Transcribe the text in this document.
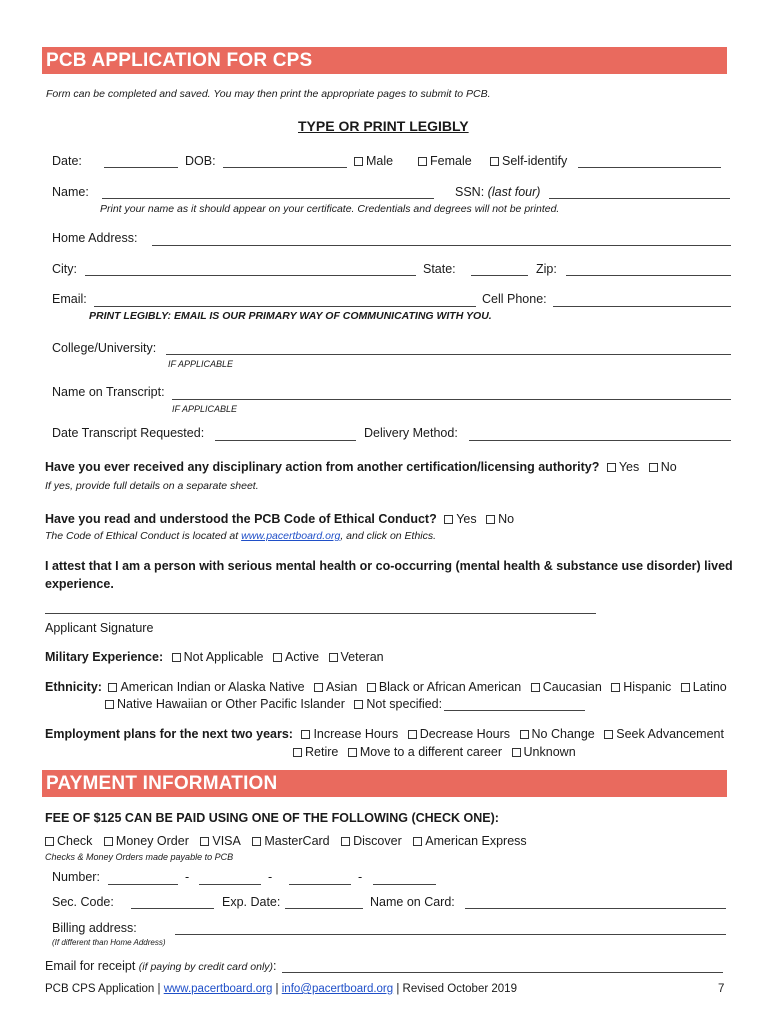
PCB APPLICATION FOR CPS
Form can be completed and saved. You may then print the appropriate pages to submit to PCB.
TYPE OR PRINT LEGIBLY
Date:	DOB:	Male	Female	Self-identify
Name:	SSN: (last four)
Print your name as it should appear on your certificate. Credentials and degrees will not be printed.
Home Address:
City:	State:	Zip:
Email:	Cell Phone:
PRINT LEGIBLY: EMAIL IS OUR PRIMARY WAY OF COMMUNICATING WITH YOU.
College/University:
IF APPLICABLE
Name on Transcript:
IF APPLICABLE
Date Transcript Requested:	Delivery Method:
Have you ever received any disciplinary action from another certification/licensing authority? Yes No
If yes, provide full details on a separate sheet.
Have you read and understood the PCB Code of Ethical Conduct? Yes No
The Code of Ethical Conduct is located at www.pacertboard.org, and click on Ethics.
I attest that I am a person with serious mental health or co-occurring (mental health & substance use disorder) lived
experience.
Applicant Signature
Military Experience: Not Applicable Active Veteran
Ethnicity: American Indian or Alaska Native Asian Black or African American Caucasian Hispanic Latino
Native Hawaiian or Other Pacific Islander Not specified:
Employment plans for the next two years: Increase Hours Decrease Hours No Change Seek Advancement
Retire Move to a different career Unknown
PAYMENT INFORMATION
FEE OF $125 CAN BE PAID USING ONE OF THE FOLLOWING (CHECK ONE):
Check Money Order VISA MasterCard Discover American Express
Checks & Money Orders made payable to PCB
Number:	-	-	-
Sec. Code:	Exp. Date:	Name on Card:
Billing address:
(If different than Home Address)
Email for receipt (if paying by credit card only):
PCB CPS Application | www.pacertboard.org | info@pacertboard.org | Revised October 2019	7
